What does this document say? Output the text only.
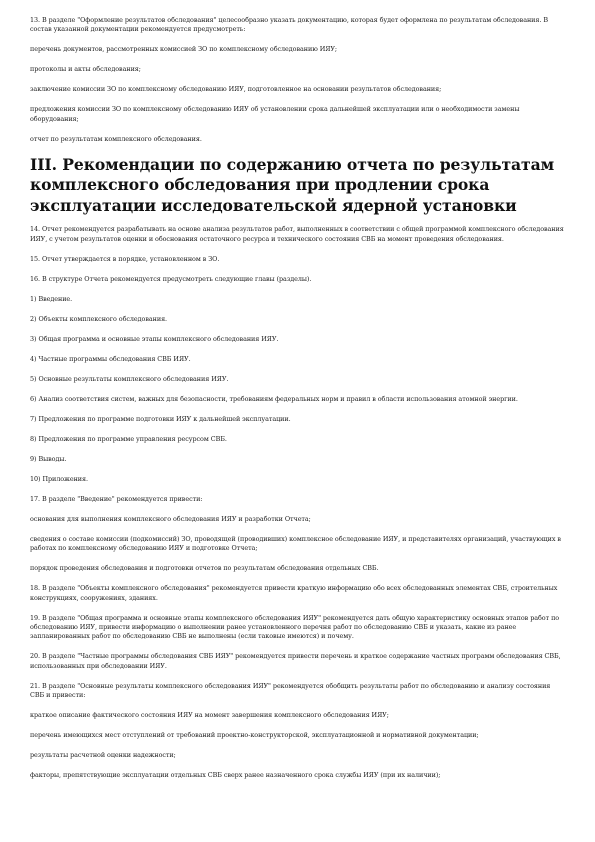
13. В разделе "Оформление результатов обследования" целесообразно указать документацию, которая будет оформлена по результатам обследования. В состав указанной документации рекомендуется предусмотреть:

перечень документов, рассмотренных комиссией ЗО по комплексному обследованию ИЯУ;

протоколы и акты обследования;

заключение комиссии ЗО по комплексному обследованию ИЯУ, подготовленное на основании результатов обследования;

предложения комиссии ЗО по комплексному обследованию ИЯУ об установлении срока дальнейшей эксплуатации или о необходимости замены оборудования;

отчет по результатам комплексного обследования.

III. Рекомендации по содержанию отчета по результатам комплексного обследования при продлении срока эксплуатации исследовательской ядерной установки

14. Отчет рекомендуется разрабатывать на основе анализа результатов работ, выполненных в соответствии с общей программой комплексного обследования ИЯУ, с учетом результатов оценки и обоснования остаточного ресурса и технического состояния СВБ на момент проведения обследования.

15. Отчет утверждается в порядке, установленном в ЗО.

16. В структуре Отчета рекомендуется предусмотреть следующие главы (разделы).

1) Введение.

2) Объекты комплексного обследования.

3) Общая программа и основные этапы комплексного обследования ИЯУ.

4) Частные программы обследования СВБ ИЯУ.

5) Основные результаты комплексного обследования ИЯУ.

6) Анализ соответствия систем, важных для безопасности, требованиям федеральных норм и правил в области использования атомной энергии.

7) Предложения по программе подготовки ИЯУ к дальнейшей эксплуатации.

8) Предложения по программе управления ресурсом СВБ.

9) Выводы.

10) Приложения.

17. В разделе "Введение" рекомендуется привести:

основания для выполнения комплексного обследования ИЯУ и разработки Отчета;

сведения о составе комиссии (подкомиссий) ЗО, проводящей (проводивших) комплексное обследование ИЯУ, и представителях организаций, участвующих в работах по комплексному обследованию ИЯУ и подготовке Отчета;

порядок проведения обследования и подготовки отчетов по результатам обследования отдельных СВБ.

18. В разделе "Объекты комплексного обследования" рекомендуется привести краткую информацию обо всех обследованных элементах СВБ, строительных конструкциях, сооружениях, зданиях.

19. В разделе "Общая программа и основные этапы комплексного обследования ИЯУ" рекомендуется дать общую характеристику основных этапов работ по обследованию ИЯУ, привести информацию о выполнении ранее установленного перечня работ по обследованию СВБ и указать, какие из ранее запланированных работ по обследованию СВБ не выполнены (если таковые имеются) и почему.

20. В разделе "Частные программы обследования СВБ ИЯУ" рекомендуется привести перечень и краткое содержание частных программ обследования СВБ, использованных при обследовании ИЯУ.

21. В разделе "Основные результаты комплексного обследования ИЯУ" рекомендуется обобщить результаты работ по обследованию и анализу состояния СВБ и привести:

краткое описание фактического состояния ИЯУ на момент завершения комплексного обследования ИЯУ;

перечень имеющихся мест отступлений от требований проектно-конструкторской, эксплуатационной и нормативной документации;

результаты расчетной оценки надежности;

факторы, препятствующие эксплуатации отдельных СВБ сверх ранее назначенного срока службы ИЯУ (при их наличии);
